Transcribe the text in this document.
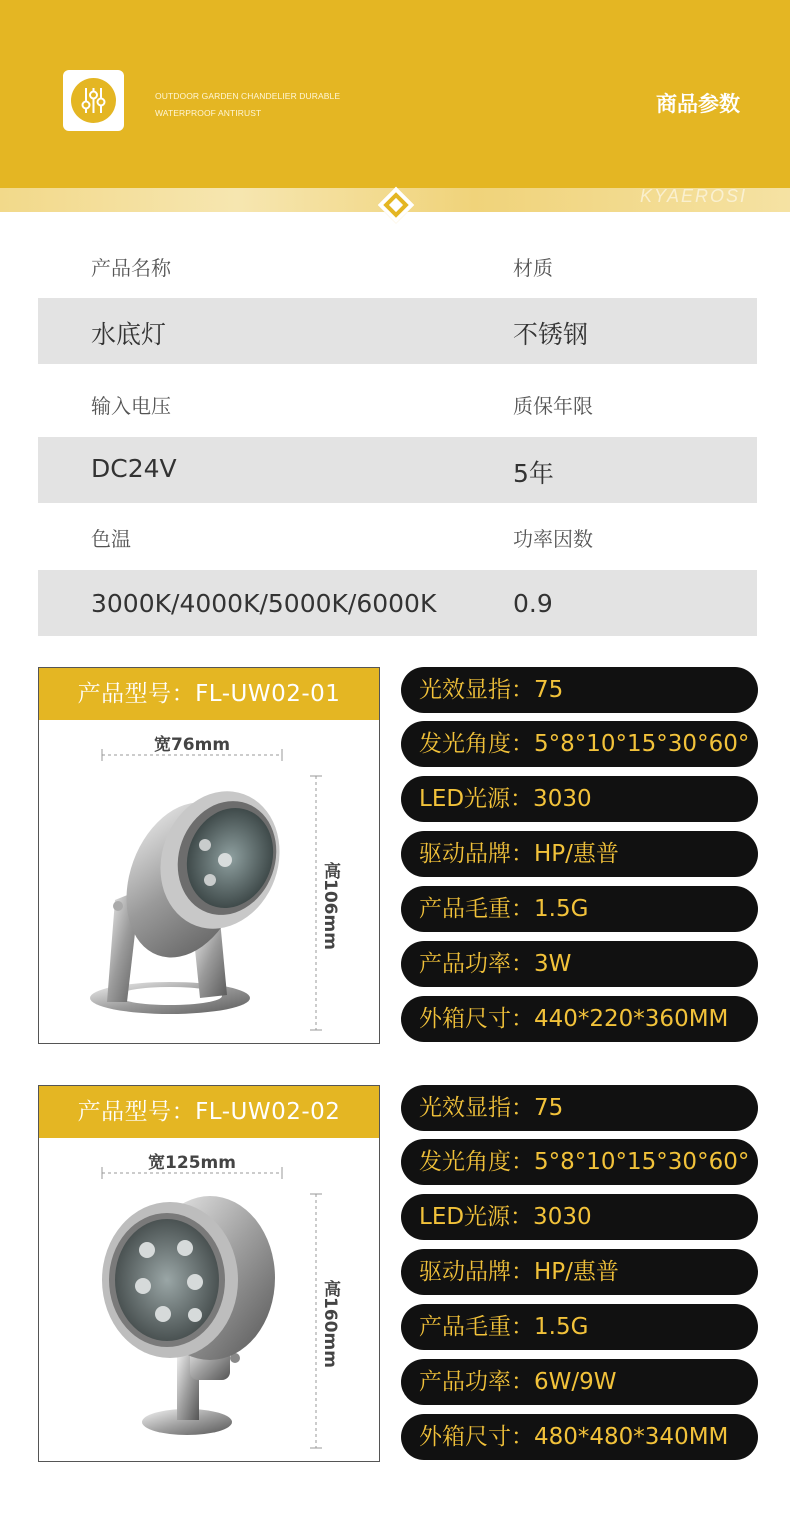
KYAEROSI
OUTDOOR GARDEN CHANDELIER DURABLE
WATERPROOF ANTIRUST	商品参数
产品名称	材质
水底灯	不锈钢
输入电压	质保年限
DC24V	5年
色温	功率因数
3000K/4000K/5000K/6000K	0.9
产品型号：FL-UW02-01
宽76mm
高106mm
光效显指：75
发光角度：5°8°10°15°30°60°
LED光源：3030
驱动品牌：HP/惠普
产品毛重：1.5G
产品功率：3W
外箱尺寸：440*220*360MM
产品型号：FL-UW02-02
宽125mm
高160mm
光效显指：75
发光角度：5°8°10°15°30°60°
LED光源：3030
驱动品牌：HP/惠普
产品毛重：1.5G
产品功率：6W/9W
外箱尺寸：480*480*340MM
